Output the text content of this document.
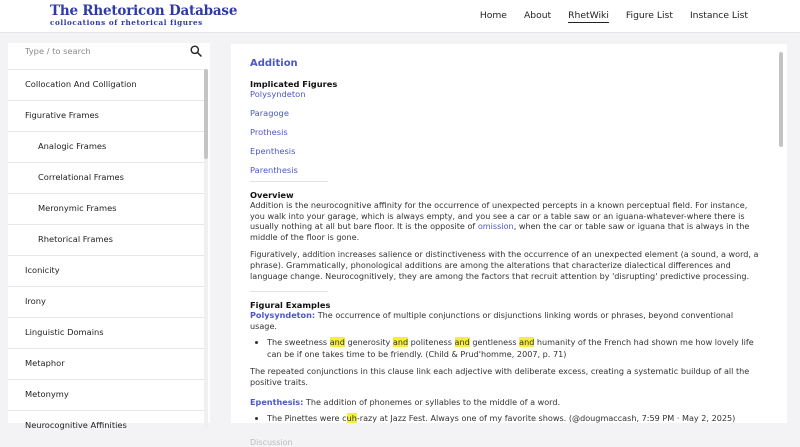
The Rhetoricon Database
collocations of rhetorical figures
Home About RhetWiki Figure List Instance List
Type / to search
Collocation And Colligation
Figurative Frames
Analogic Frames
Correlational Frames
Meronymic Frames
Rhetorical Frames
Iconicity
Irony
Linguistic Domains
Metaphor
Metonymy
Neurocognitive Affinities
Addition
Implicated Figures
Polysyndeton
Paragoge
Prothesis
Epenthesis
Parenthesis
Overview

Addition is the neurocognitive affinity for the occurrence of unexpected percepts in a known perceptual field. For instance, you walk into your garage, which is always empty, and you see a car or a table saw or an iguana-whatever-where there is usually nothing at all but bare floor. It is the opposite of omission, when the car or table saw or iguana that is always in the middle of the floor is gone.

Figuratively, addition increases salience or distinctiveness with the occurrence of an unexpected element (a sound, a word, a phrase). Grammatically, phonological additions are among the alterations that characterize dialectical differences and language change. Neurocognitively, they are among the factors that recruit attention by 'disrupting' predictive processing.

Figural Examples

Polysyndeton: The occurrence of multiple conjunctions or disjunctions linking words or phrases, beyond conventional usage.

• The sweetness and generosity and politeness and gentleness and humanity of the French had shown me how lovely life can be if one takes time to be friendly. (Child & Prud'homme, 2007, p. 71)

The repeated conjunctions in this clause link each adjective with deliberate excess, creating a systematic buildup of all the positive traits.

Epenthesis: The addition of phonemes or syllables to the middle of a word.

• The Pinettes were cuh-razy at Jazz Fest. Always one of my favorite shows. (@dougmaccash, 7:59 PM · May 2, 2025)
Discussion
